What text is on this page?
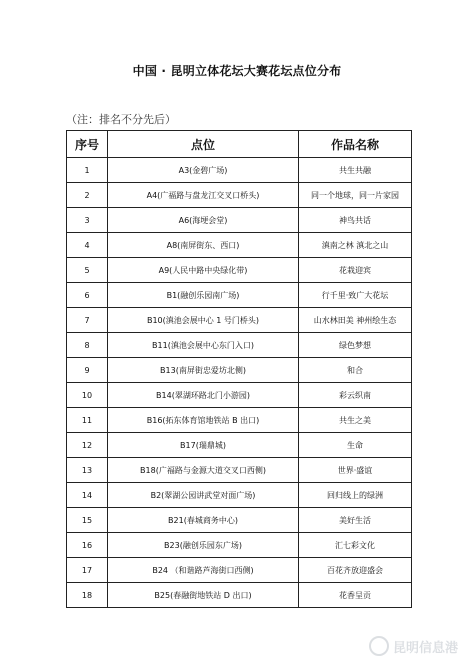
中国 · 昆明立体花坛大赛花坛点位分布
（注：排名不分先后）
序号	点位	作品名称
1	A3(金碧广场)	共生共融
2	A4(广福路与盘龙江交叉口桥头)	同一个地球，同一片家园
3	A6(海埂会堂)	神鸟共话
4	A8(南屏街东、西口)	滇南之林 滇北之山
5	A9(人民中路中央绿化带)	花栽迎宾
6	B1(融创乐园南广场)	行千里·致广大花坛
7	B10(滇池会展中心 1 号门桥头)	山水林田美 神州绘生态
8	B11(滇池会展中心东门入口)	绿色梦想
9	B13(南屏街忠爱坊北侧)	和合
10	B14(翠湖环路北门小游园)	彩云织南
11	B16(拓东体育馆地铁站 B 出口)	共生之美
12	B17(瑞鼎城)	生命
13	B18(广福路与金源大道交叉口西侧)	世界·盛谊
14	B2(翠湖公园讲武堂对面广场)	回归线上的绿洲
15	B21(春城商务中心)	美好生活
16	B23(融创乐园东广场)	汇七彩文化
17	B24 （和谐路芦海街口西侧)	百花齐放迎盛会
18	B25(春融街地铁站 D 出口)	花香呈贡
昆明信息港
